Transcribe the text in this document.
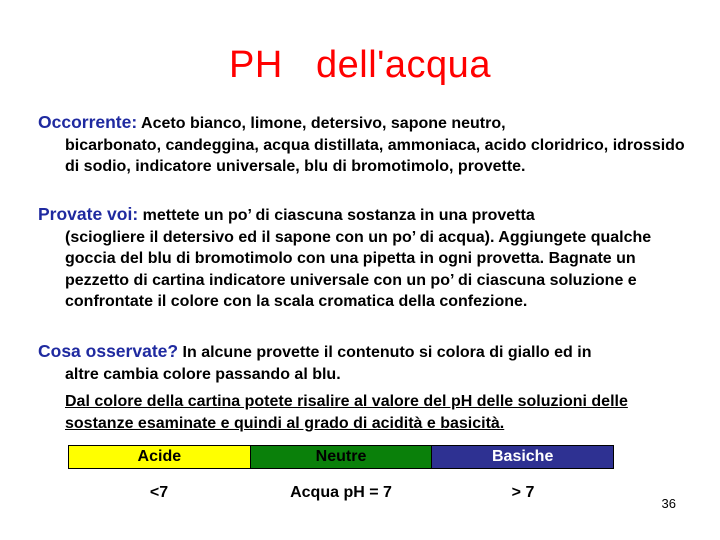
PH   dell'acqua
Occorrente: Aceto bianco, limone, detersivo, sapone neutro,
bicarbonato, candeggina, acqua distillata, ammoniaca, acido cloridrico, idrossido di sodio, indicatore universale, blu di bromotimolo, provette.
Provate voi: mettete un po’ di ciascuna sostanza in una provetta
(sciogliere il detersivo ed il sapone con un po’ di acqua). Aggiungete qualche goccia del blu di bromotimolo con una pipetta in ogni provetta. Bagnate un pezzetto di cartina indicatore universale con un po’ di ciascuna soluzione e confrontate il colore con la scala cromatica della confezione.
Cosa osservate? In alcune provette il contenuto si colora di giallo ed in
altre cambia colore passando al blu.
Dal colore della cartina potete risalire al valore del pH delle soluzioni delle sostanze esaminate e quindi al grado di acidità e basicità.
Acide	Neutre	Basiche
<7	Acqua pH = 7	> 7
36
